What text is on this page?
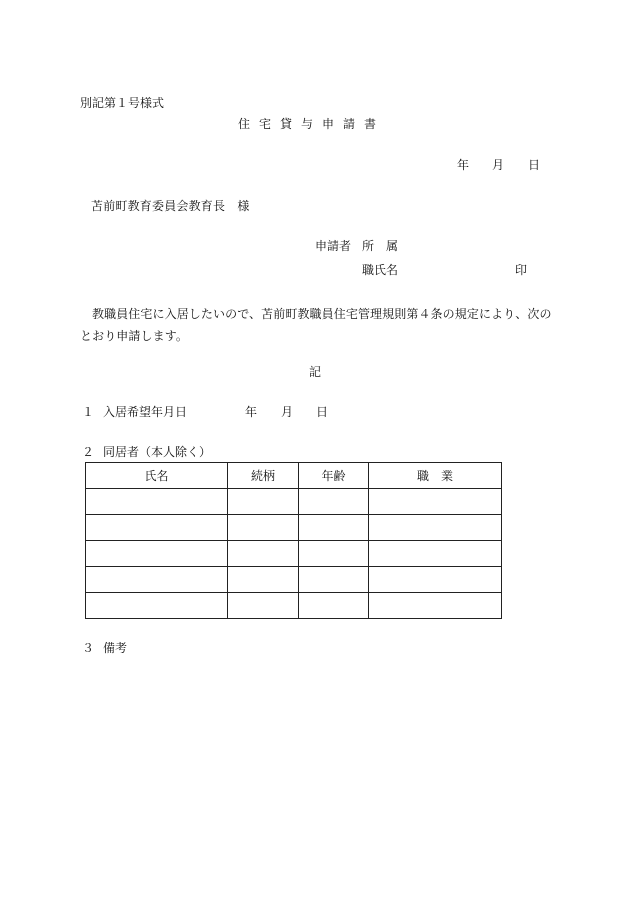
別記第１号様式
住宅貸与申請書
年 月 日
苫前町教育委員会教育長　様
申請者 所　属
職氏名	印
教職員住宅に入居したいので、苫前町教職員住宅管理規則第４条の規定により、次のとおり申請します。
記
１ 入居希望年月日	年 月 日
２ 同居者（本人除く）
氏名	続柄	年齢	職　業

３ 備考
